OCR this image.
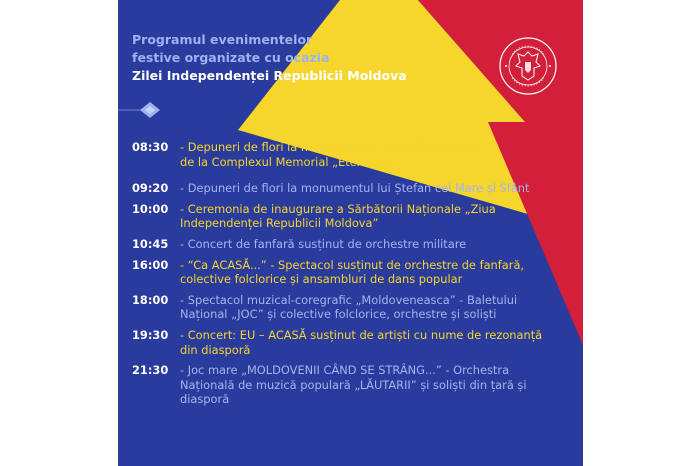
Programul evenimentelor
festive organizate cu ocazia
Zilei Independenței Republicii Moldova
08:30	- Depuneri de flori la monumentul „Maica Îndurerată”
de la Complexul Memorial „Eternitate”
09:20	- Depuneri de flori la monumentul lui Ștefan cel Mare și Sfânt
10:00	- Ceremonia de inaugurare a Sărbătorii Naționale „Ziua
Independenței Republicii Moldova”
10:45	- Concert de fanfară susținut de orchestre militare
16:00	- “Ca ACASĂ...” - Spectacol susținut de orchestre de fanfară,
colective folclorice și ansambluri de dans popular
18:00	- Spectacol muzical-coregrafic „Moldoveneasca” - Baletului
Național „JOC” și colective folclorice, orchestre și soliști
19:30	- Concert: EU – ACASĂ susținut de artiști cu nume de rezonanță
din diasporă
21:30	- Joc mare „MOLDOVENII CÂND SE STRÂNG...” - Orchestra
Națională de muzică populară „LĂUTARII” și soliști din țară și
diasporă
